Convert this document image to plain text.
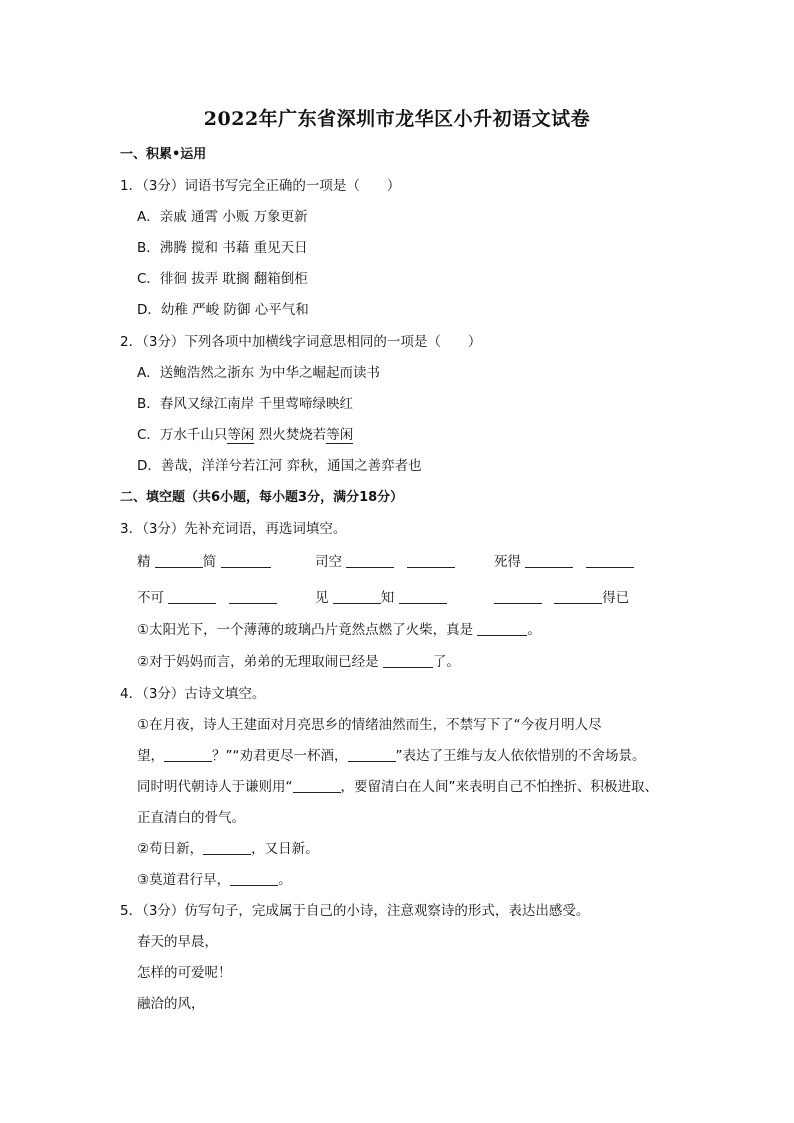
2022年广东省深圳市龙华区小升初语文试卷
一、积累•运用
1．（3分）词语书写完全正确的一项是（　　）
A．亲戚 通霄 小贩 万象更新
B．沸腾 搅和 书藉 重见天日
C．徘徊 拔弄 耽搁 翻箱倒柜
D．幼稚 严峻 防御 心平气和
2．（3分）下列各项中加横线字词意思相同的一项是（　　）
A．送鲍浩然之浙东 为中华之崛起而读书
B．春风又绿江南岸 千里莺啼绿映红
C．万水千山只等闲 烈火焚烧若等闲
D．善哉，洋洋兮若江河 弈秋，通国之善弈者也
二、填空题（共6小题，每小题3分，满分18分）
3．（3分）先补充词语，再选词填空。
精	简	司空	死得
不可	见	知	得已
①太阳光下，一个薄薄的玻璃凸片竟然点燃了火柴，真是	。
②对于妈妈而言，弟弟的无理取闹已经是	了。
4．（3分）古诗文填空。
①在月夜，诗人王建面对月亮思乡的情绪油然而生，不禁写下了“今夜月明人尽
望，	？”“劝君更尽一杯酒，	”表达了王维与友人依依惜别的不舍场景。
同时明代朝诗人于谦则用“	，要留清白在人间”来表明自己不怕挫折、积极进取、
正直清白的骨气。
②苟日新，	，又日新。
③莫道君行早，	。
5．（3分）仿写句子，完成属于自己的小诗，注意观察诗的形式，表达出感受。
春天的早晨，
怎样的可爱呢！
融洽的风，
